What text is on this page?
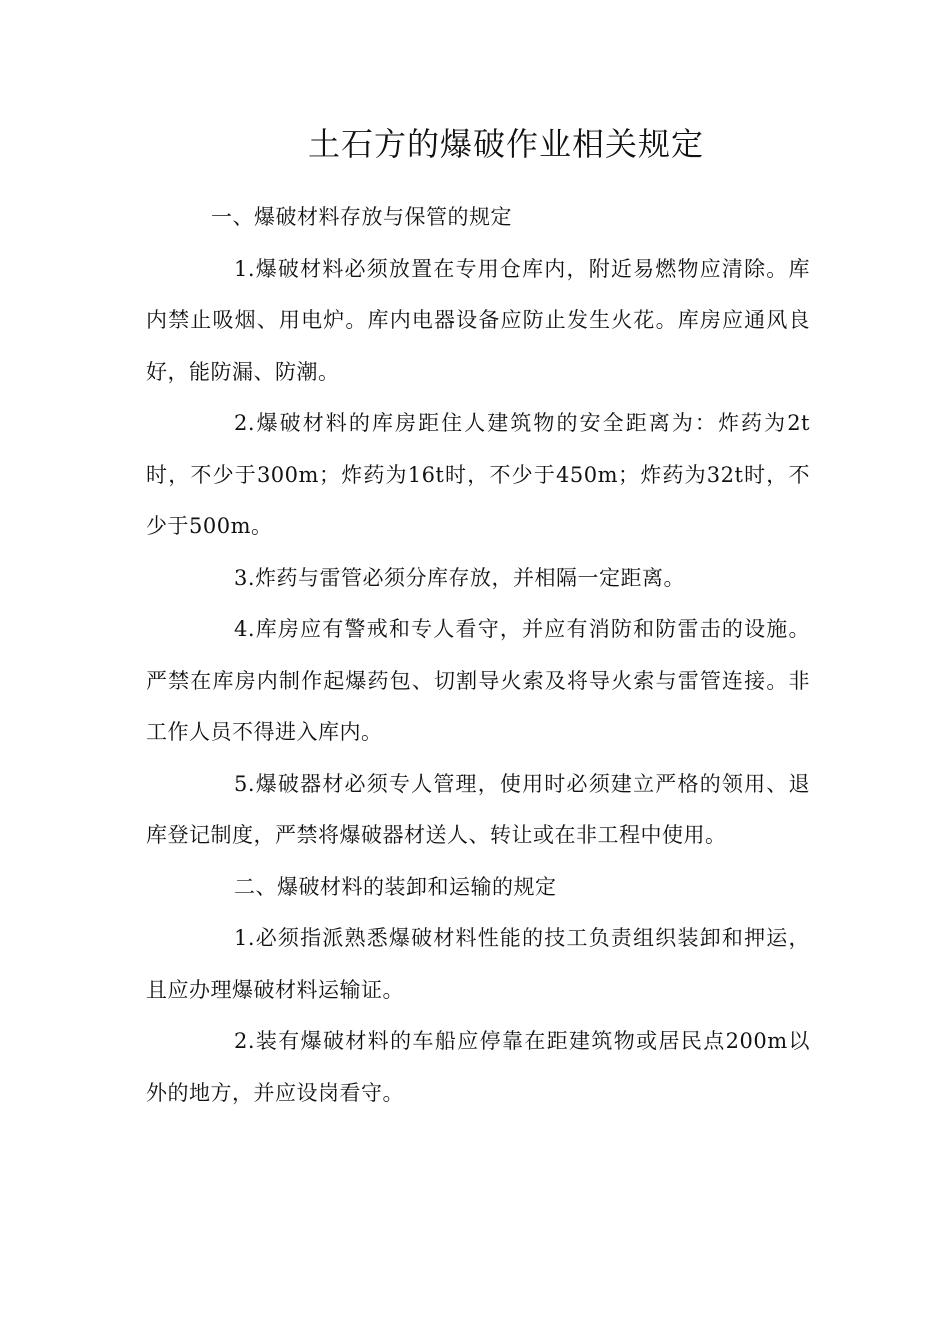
土石方的爆破作业相关规定

一、爆破材料存放与保管的规定

1.爆破材料必须放置在专用仓库内，附近易燃物应清除。库内禁止吸烟、用电炉。库内电器设备应防止发生火花。库房应通风良好，能防漏、防潮。

2.爆破材料的库房距住人建筑物的安全距离为：炸药为2t时，不少于300m；炸药为16t时，不少于450m；炸药为32t时，不少于500m。

3.炸药与雷管必须分库存放，并相隔一定距离。

4.库房应有警戒和专人看守，并应有消防和防雷击的设施。严禁在库房内制作起爆药包、切割导火索及将导火索与雷管连接。非工作人员不得进入库内。

5.爆破器材必须专人管理，使用时必须建立严格的领用、退库登记制度，严禁将爆破器材送人、转让或在非工程中使用。

二、爆破材料的装卸和运输的规定

1.必须指派熟悉爆破材料性能的技工负责组织装卸和押运，且应办理爆破材料运输证。

2.装有爆破材料的车船应停靠在距建筑物或居民点200m以外的地方，并应设岗看守。
